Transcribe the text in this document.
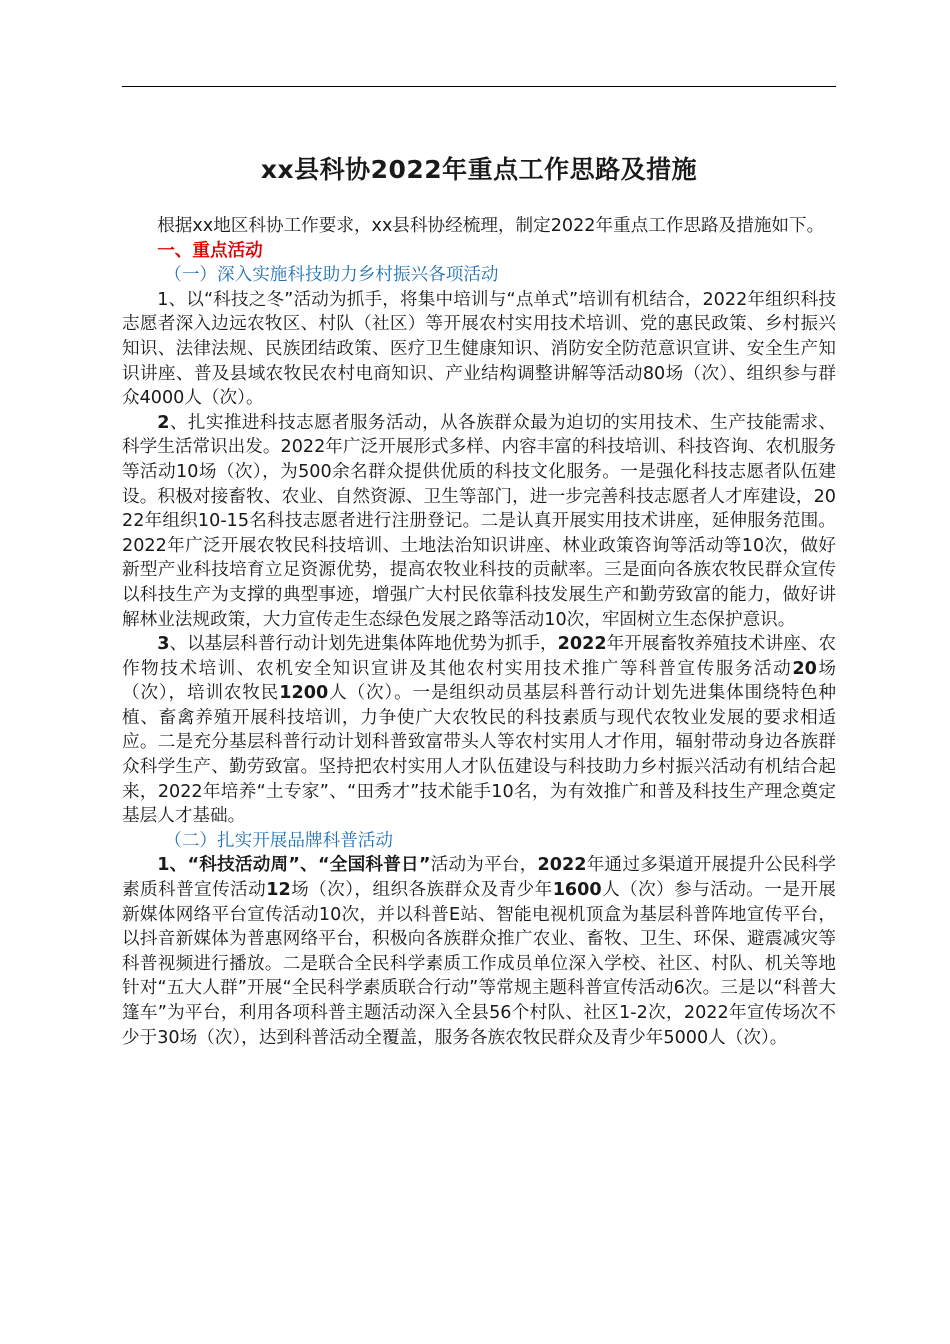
xx县科协2022年重点工作思路及措施

根据xx地区科协工作要求，xx县科协经梳理，制定2022年重点工作思路及措施如下。

一、重点活动

（一）深入实施科技助力乡村振兴各项活动

1、以“科技之冬”活动为抓手，将集中培训与“点单式”培训有机结合，2022年组织科技志愿者深入边远农牧区、村队（社区）等开展农村实用技术培训、党的惠民政策、乡村振兴知识、法律法规、民族团结政策、医疗卫生健康知识、消防安全防范意识宣讲、安全生产知识讲座、普及县域农牧民农村电商知识、产业结构调整讲解等活动80场（次）、组织参与群众4000人（次）。

2、扎实推进科技志愿者服务活动，从各族群众最为迫切的实用技术、生产技能需求、科学生活常识出发。2022年广泛开展形式多样、内容丰富的科技培训、科技咨询、农机服务等活动10场（次），为500余名群众提供优质的科技文化服务。一是强化科技志愿者队伍建设。积极对接畜牧、农业、自然资源、卫生等部门，进一步完善科技志愿者人才库建设，2022年组织10-15名科技志愿者进行注册登记。二是认真开展实用技术讲座，延伸服务范围。2022年广泛开展农牧民科技培训、土地法治知识讲座、林业政策咨询等活动等10次，做好新型产业科技培育立足资源优势，提高农牧业科技的贡献率。三是面向各族农牧民群众宣传以科技生产为支撑的典型事迹，增强广大村民依靠科技发展生产和勤劳致富的能力，做好讲解林业法规政策，大力宣传走生态绿色发展之路等活动10次，牢固树立生态保护意识。

3、以基层科普行动计划先进集体阵地优势为抓手，2022年开展畜牧养殖技术讲座、农作物技术培训、农机安全知识宣讲及其他农村实用技术推广等科普宣传服务活动20场（次），培训农牧民1200人（次）。一是组织动员基层科普行动计划先进集体围绕特色种植、畜禽养殖开展科技培训，力争使广大农牧民的科技素质与现代农牧业发展的要求相适应。二是充分基层科普行动计划科普致富带头人等农村实用人才作用，辐射带动身边各族群众科学生产、勤劳致富。坚持把农村实用人才队伍建设与科技助力乡村振兴活动有机结合起来，2022年培养“土专家”、“田秀才”技术能手10名，为有效推广和普及科技生产理念奠定基层人才基础。

（二）扎实开展品牌科普活动

1、“科技活动周”、“全国科普日”活动为平台，2022年通过多渠道开展提升公民科学素质科普宣传活动12场（次），组织各族群众及青少年1600人（次）参与活动。一是开展新媒体网络平台宣传活动10次，并以科普E站、智能电视机顶盒为基层科普阵地宣传平台，以抖音新媒体为普惠网络平台，积极向各族群众推广农业、畜牧、卫生、环保、避震减灾等科普视频进行播放。二是联合全民科学素质工作成员单位深入学校、社区、村队、机关等地针对“五大人群”开展“全民科学素质联合行动”等常规主题科普宣传活动6次。三是以“科普大篷车”为平台，利用各项科普主题活动深入全县56个村队、社区1-2次，2022年宣传场次不少于30场（次），达到科普活动全覆盖，服务各族农牧民群众及青少年5000人（次）。
